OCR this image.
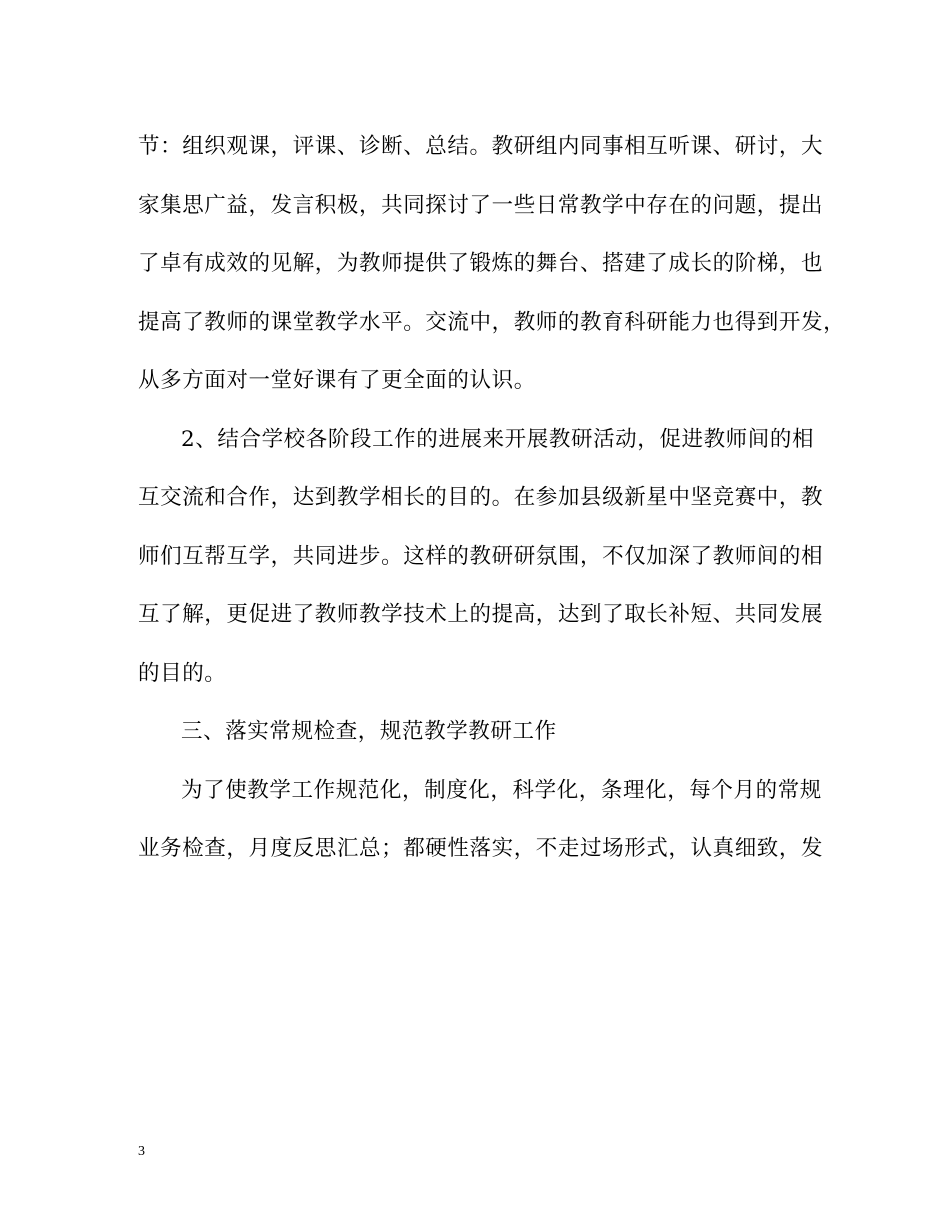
节：组织观课，评课、诊断、总结。教研组内同事相互听课、研讨，大
家集思广益，发言积极，共同探讨了一些日常教学中存在的问题，提出
了卓有成效的见解，为教师提供了锻炼的舞台、搭建了成长的阶梯，也
提高了教师的课堂教学水平。交流中，教师的教育科研能力也得到开发，
从多方面对一堂好课有了更全面的认识。
2、结合学校各阶段工作的进展来开展教研活动，促进教师间的相
互交流和合作，达到教学相长的目的。在参加县级新星中坚竞赛中，教
师们互帮互学，共同进步。这样的教研研氛围，不仅加深了教师间的相
互了解，更促进了教师教学技术上的提高，达到了取长补短、共同发展
的目的。
三、落实常规检查，规范教学教研工作
为了使教学工作规范化，制度化，科学化，条理化，每个月的常规
业务检查，月度反思汇总；都硬性落实，不走过场形式，认真细致，发
3
